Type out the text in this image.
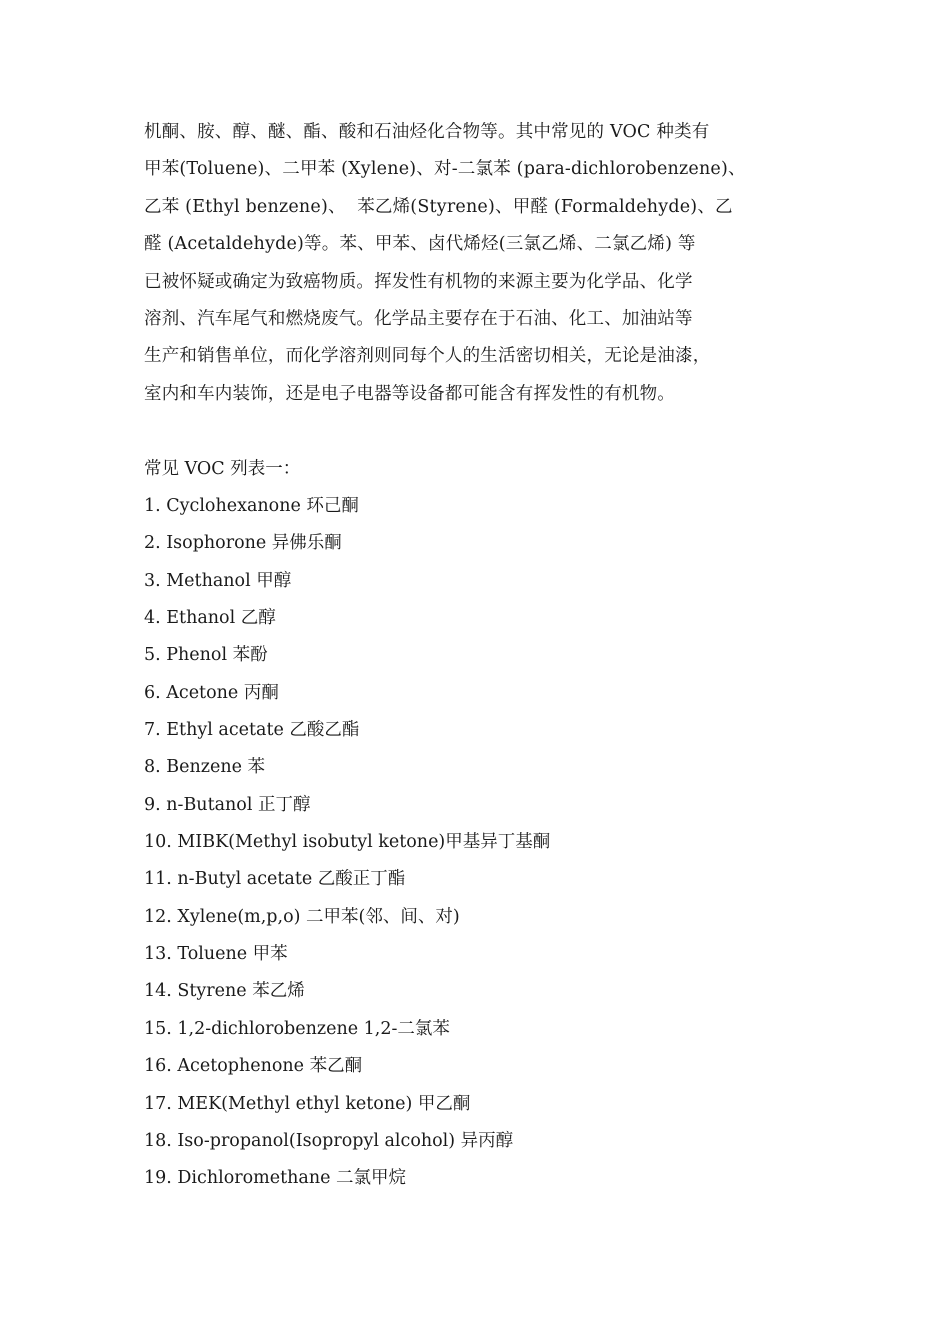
机酮、胺、醇、醚、酯、酸和石油烃化合物等。其中常见的 VOC 种类有
甲苯(Toluene)、二甲苯 (Xylene)、对-二氯苯 (para-dichlorobenzene)、
乙苯 (Ethyl benzene)、  苯乙烯(Styrene)、甲醛 (Formaldehyde)、乙
醛 (Acetaldehyde)等。苯、甲苯、卤代烯烃(三氯乙烯、二氯乙烯) 等
已被怀疑或确定为致癌物质。挥发性有机物的来源主要为化学品、化学
溶剂、汽车尾气和燃烧废气。化学品主要存在于石油、化工、加油站等
生产和销售单位，而化学溶剂则同每个人的生活密切相关，无论是油漆，
室内和车内装饰，还是电子电器等设备都可能含有挥发性的有机物。
常见 VOC 列表一：
1. Cyclohexanone 环己酮
2. Isophorone 异佛乐酮
3. Methanol 甲醇
4. Ethanol 乙醇
5. Phenol 苯酚
6. Acetone 丙酮
7. Ethyl acetate 乙酸乙酯
8. Benzene 苯
9. n-Butanol 正丁醇
10. MIBK(Methyl isobutyl ketone)甲基异丁基酮
11. n-Butyl acetate 乙酸正丁酯
12. Xylene(m,p,o) 二甲苯(邻、间、对)
13. Toluene 甲苯
14. Styrene 苯乙烯
15. 1,2-dichlorobenzene 1,2-二氯苯
16. Acetophenone 苯乙酮
17. MEK(Methyl ethyl ketone) 甲乙酮
18. Iso-propanol(Isopropyl alcohol) 异丙醇
19. Dichloromethane 二氯甲烷
